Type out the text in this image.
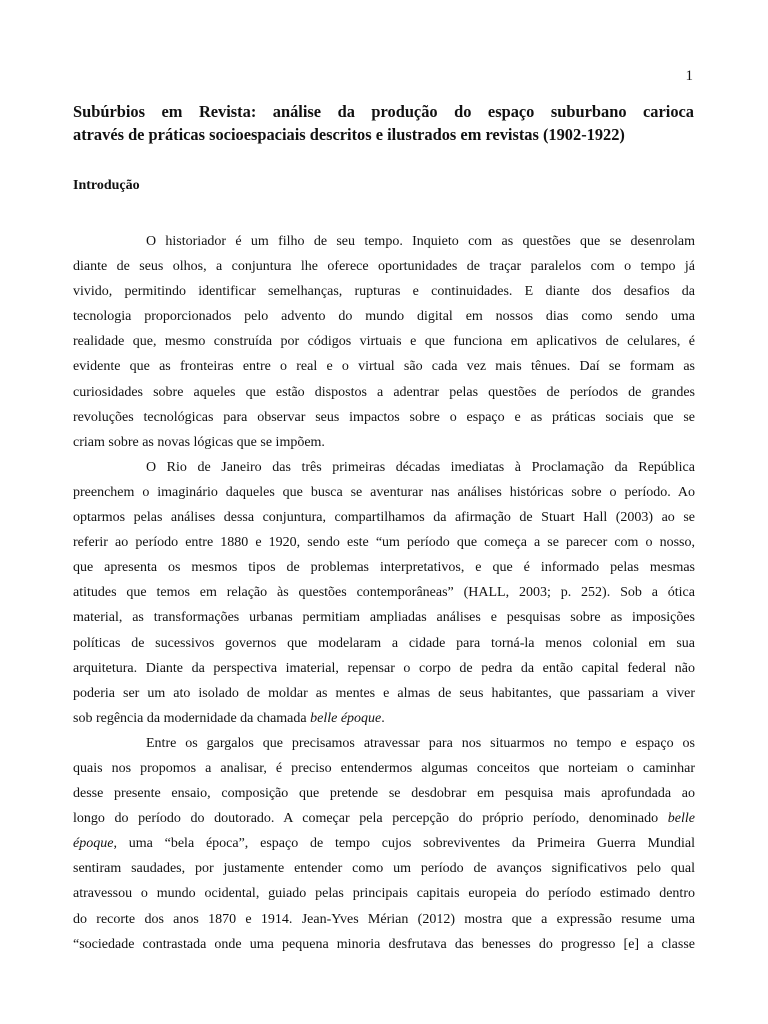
1
Subúrbios em Revista: análise da produção do espaço suburbano carioca
através de práticas socioespaciais descritos e ilustrados em revistas (1902-1922)
Introdução
O historiador é um filho de seu tempo. Inquieto com as questões que se desenrolam
diante de seus olhos, a conjuntura lhe oferece oportunidades de traçar paralelos com o tempo já
vivido, permitindo identificar semelhanças, rupturas e continuidades. E diante dos desafios da
tecnologia proporcionados pelo advento do mundo digital em nossos dias como sendo uma
realidade que, mesmo construída por códigos virtuais e que funciona em aplicativos de celulares, é
evidente que as fronteiras entre o real e o virtual são cada vez mais tênues. Daí se formam as
curiosidades sobre aqueles que estão dispostos a adentrar pelas questões de períodos de grandes
revoluções tecnológicas para observar seus impactos sobre o espaço e as práticas sociais que se
criam sobre as novas lógicas que se impõem.
O Rio de Janeiro das três primeiras décadas imediatas à Proclamação da República
preenchem o imaginário daqueles que busca se aventurar nas análises históricas sobre o período. Ao
optarmos pelas análises dessa conjuntura, compartilhamos da afirmação de Stuart Hall (2003) ao se
referir ao período entre 1880 e 1920, sendo este “um período que começa a se parecer com o nosso,
que apresenta os mesmos tipos de problemas interpretativos, e que é informado pelas mesmas
atitudes que temos em relação às questões contemporâneas” (HALL, 2003; p. 252). Sob a ótica
material, as transformações urbanas permitiam ampliadas análises e pesquisas sobre as imposições
políticas de sucessivos governos que modelaram a cidade para torná-la menos colonial em sua
arquitetura. Diante da perspectiva imaterial, repensar o corpo de pedra da então capital federal não
poderia ser um ato isolado de moldar as mentes e almas de seus habitantes, que passariam a viver
sob regência da modernidade da chamada belle époque.
Entre os gargalos que precisamos atravessar para nos situarmos no tempo e espaço os
quais nos propomos a analisar, é preciso entendermos algumas conceitos que norteiam o caminhar
desse presente ensaio, composição que pretende se desdobrar em pesquisa mais aprofundada ao
longo do período do doutorado. A começar pela percepção do próprio período, denominado belle
époque, uma “bela época”, espaço de tempo cujos sobreviventes da Primeira Guerra Mundial
sentiram saudades, por justamente entender como um período de avanços significativos pelo qual
atravessou o mundo ocidental, guiado pelas principais capitais europeia do período estimado dentro
do recorte dos anos 1870 e 1914. Jean-Yves Mérian (2012) mostra que a expressão resume uma
“sociedade contrastada onde uma pequena minoria desfrutava das benesses do progresso [e] a classe
